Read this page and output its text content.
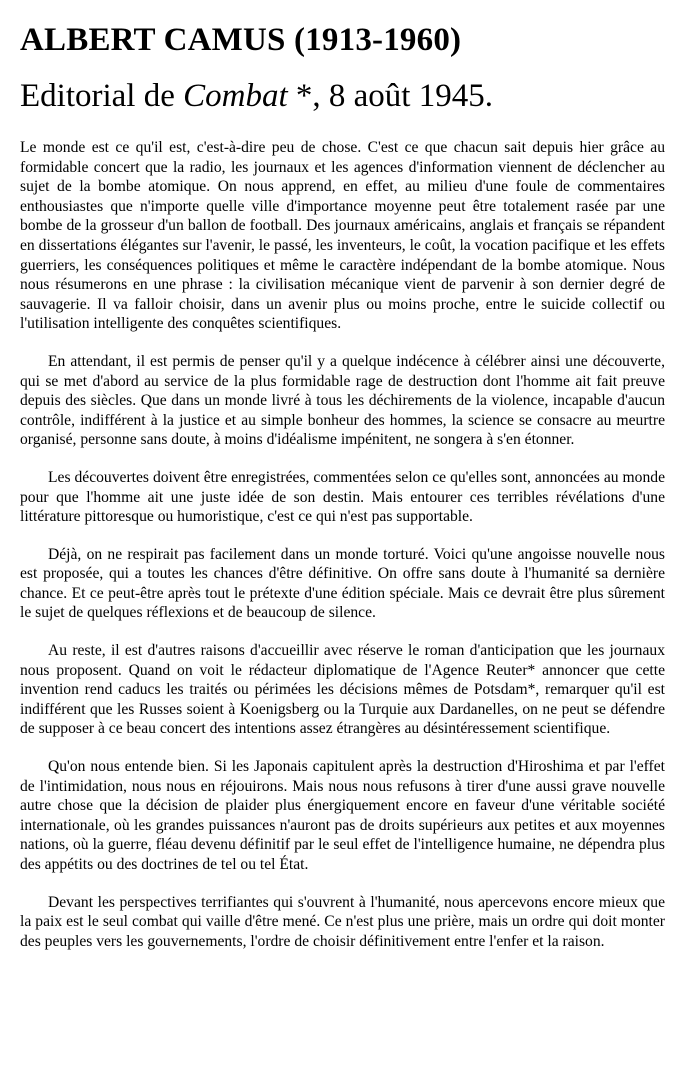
ALBERT CAMUS (1913-1960)
Editorial de Combat *, 8 août 1945.

Le monde est ce qu'il est, c'est-à-dire peu de chose. C'est ce que chacun sait depuis hier grâce au formidable concert que la radio, les journaux et les agences d'information viennent de déclencher au sujet de la bombe atomique. On nous apprend, en effet, au milieu d'une foule de commentaires enthousiastes que n'importe quelle ville d'importance moyenne peut être totalement rasée par une bombe de la grosseur d'un ballon de football. Des journaux américains, anglais et français se répandent en dissertations élégantes sur l'avenir, le passé, les inventeurs, le coût, la vocation pacifique et les effets guerriers, les conséquences politiques et même le caractère indépendant de la bombe atomique. Nous nous résumerons en une phrase : la civilisation mécanique vient de parvenir à son dernier degré de sauvagerie. Il va falloir choisir, dans un avenir plus ou moins proche, entre le suicide collectif ou l'utilisation intelligente des conquêtes scientifiques.

En attendant, il est permis de penser qu'il y a quelque indécence à célébrer ainsi une découverte, qui se met d'abord au service de la plus formidable rage de destruction dont l'homme ait fait preuve depuis des siècles. Que dans un monde livré à tous les déchirements de la violence, incapable d'aucun contrôle, indifférent à la justice et au simple bonheur des hommes, la science se consacre au meurtre organisé, personne sans doute, à moins d'idéalisme impénitent, ne songera à s'en étonner.

Les découvertes doivent être enregistrées, commentées selon ce qu'elles sont, annoncées au monde pour que l'homme ait une juste idée de son destin. Mais entourer ces terribles révélations d'une littérature pittoresque ou humoristique, c'est ce qui n'est pas supportable.

Déjà, on ne respirait pas facilement dans un monde torturé. Voici qu'une angoisse nouvelle nous est proposée, qui a toutes les chances d'être définitive. On offre sans doute à l'humanité sa dernière chance. Et ce peut-être après tout le prétexte d'une édition spéciale. Mais ce devrait être plus sûrement le sujet de quelques réflexions et de beaucoup de silence.

Au reste, il est d'autres raisons d'accueillir avec réserve le roman d'anticipation que les journaux nous proposent. Quand on voit le rédacteur diplomatique de l'Agence Reuter* annoncer que cette invention rend caducs les traités ou périmées les décisions mêmes de Potsdam*, remarquer qu'il est indifférent que les Russes soient à Koenigsberg ou la Turquie aux Dardanelles, on ne peut se défendre de supposer à ce beau concert des intentions assez étrangères au désintéressement scientifique.

Qu'on nous entende bien. Si les Japonais capitulent après la destruction d'Hiroshima et par l'effet de l'intimidation, nous nous en réjouirons. Mais nous nous refusons à tirer d'une aussi grave nouvelle autre chose que la décision de plaider plus énergiquement encore en faveur d'une véritable société internationale, où les grandes puissances n'auront pas de droits supérieurs aux petites et aux moyennes nations, où la guerre, fléau devenu définitif par le seul effet de l'intelligence humaine, ne dépendra plus des appétits ou des doctrines de tel ou tel État.

Devant les perspectives terrifiantes qui s'ouvrent à l'humanité, nous apercevons encore mieux que la paix est le seul combat qui vaille d'être mené. Ce n'est plus une prière, mais un ordre qui doit monter des peuples vers les gouvernements, l'ordre de choisir définitivement entre l'enfer et la raison.
